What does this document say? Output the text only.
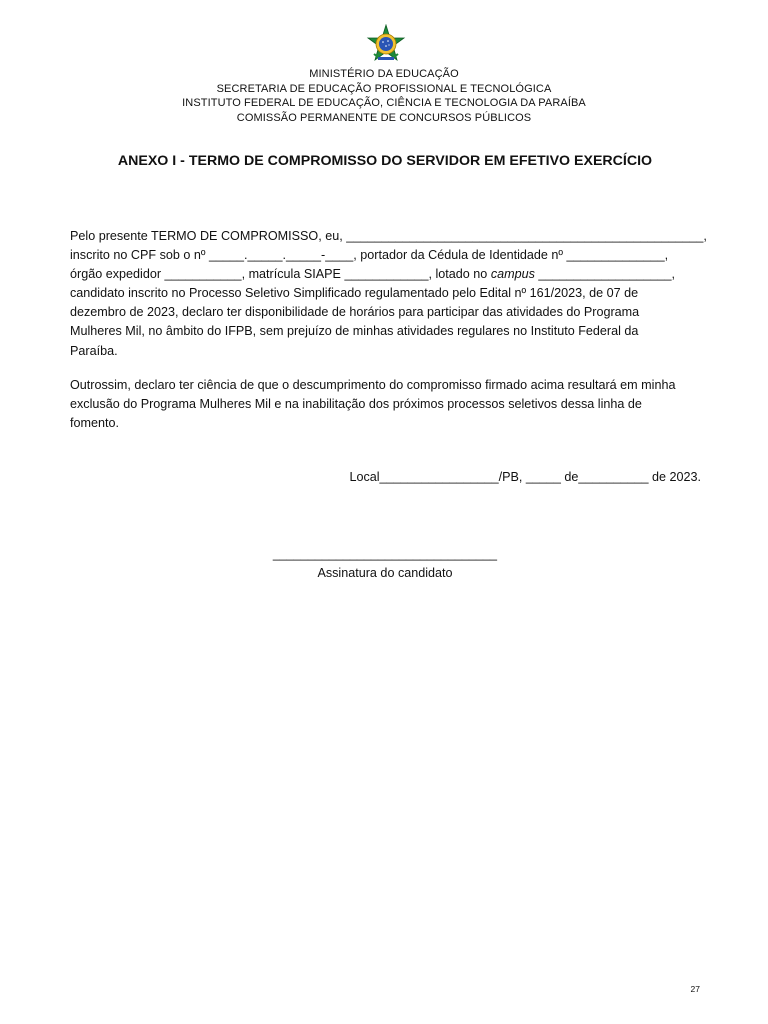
MINISTÉRIO DA EDUCAÇÃO
SECRETARIA DE EDUCAÇÃO PROFISSIONAL E TECNOLÓGICA
INSTITUTO FEDERAL DE EDUCAÇÃO, CIÊNCIA E TECNOLOGIA DA PARAÍBA
COMISSÃO PERMANENTE DE CONCURSOS PÚBLICOS
ANEXO I - TERMO DE COMPROMISSO DO SERVIDOR EM EFETIVO EXERCÍCIO
Pelo presente TERMO DE COMPROMISSO, eu, ___________________________________________________,
inscrito no CPF sob o nº _____._____._____-____, portador da Cédula de Identidade nº ______________,
órgão expedidor ___________, matrícula SIAPE ____________, lotado no campus ___________________,
candidato inscrito no Processo Seletivo Simplificado regulamentado pelo Edital nº 161/2023, de 07 de
dezembro de 2023, declaro ter disponibilidade de horários para participar das atividades do Programa
Mulheres Mil, no âmbito do IFPB, sem prejuízo de minhas atividades regulares no Instituto Federal da
Paraíba.
Outrossim, declaro ter ciência de que o descumprimento do compromisso firmado acima resultará em minha
exclusão do Programa Mulheres Mil e na inabilitação dos próximos processos seletivos dessa linha de
fomento.
Local_________________/PB, _____ de__________ de 2023.
________________________________
Assinatura do candidato
27
